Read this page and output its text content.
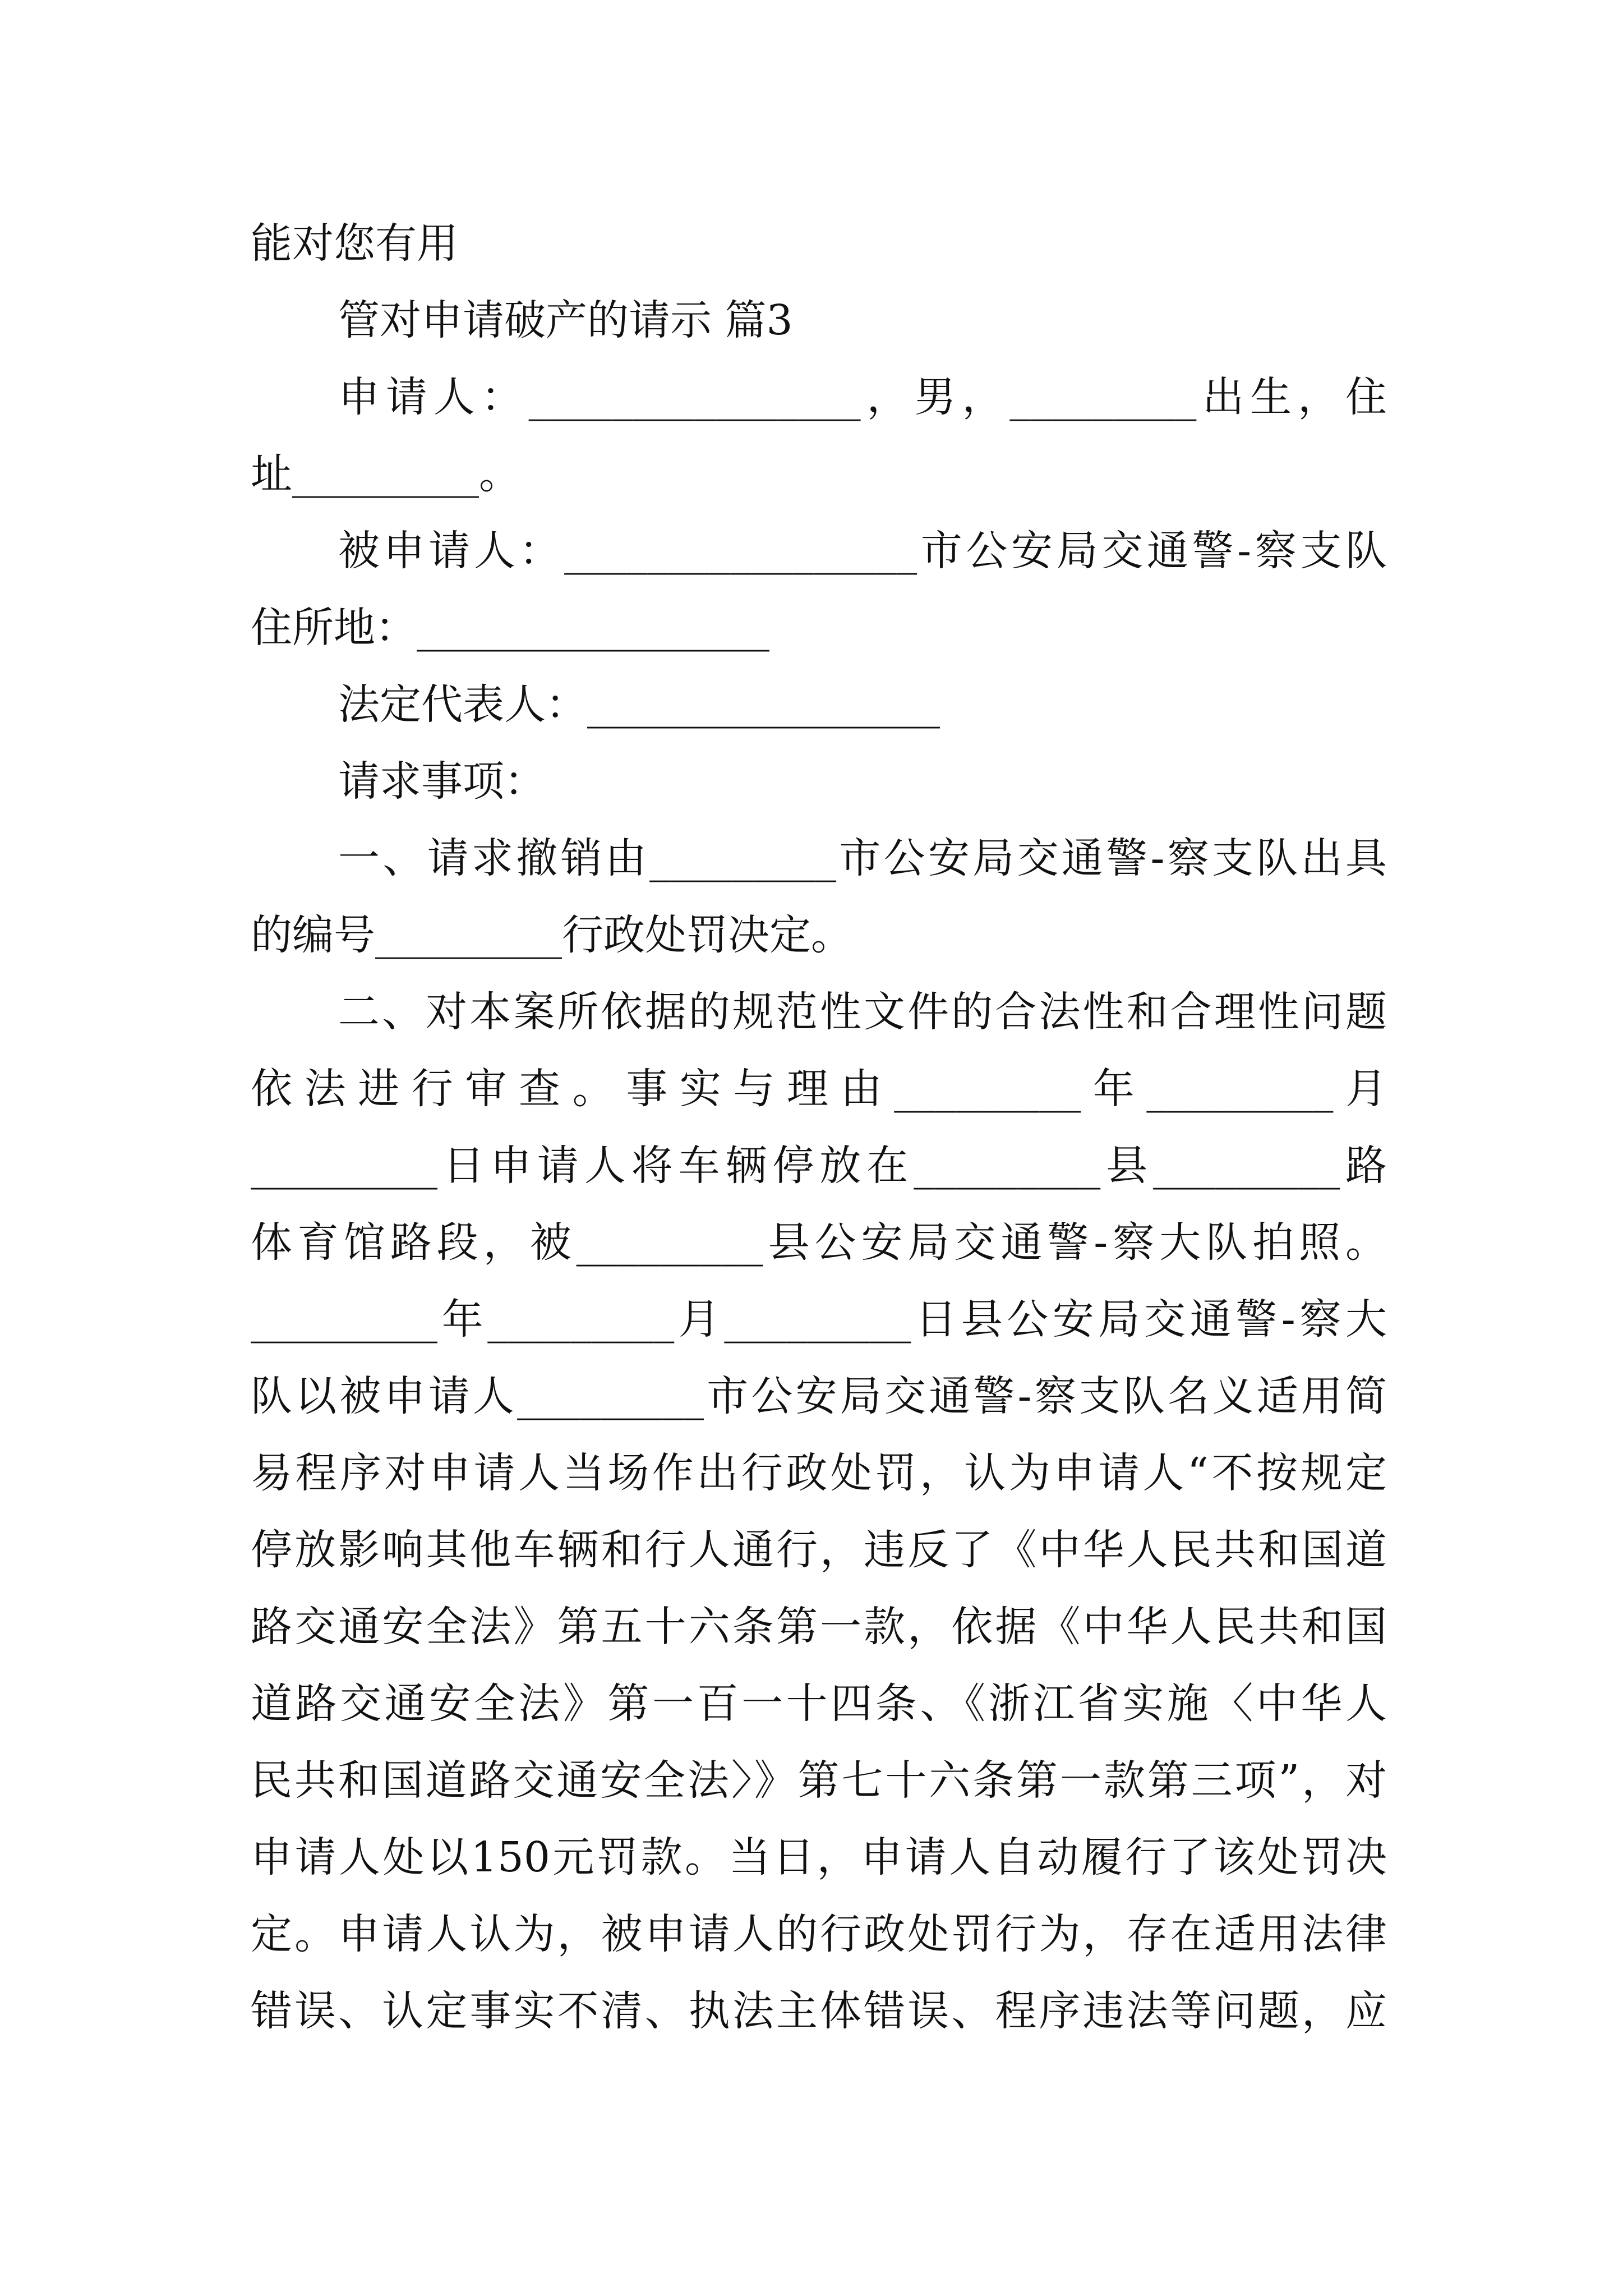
能对您有用
管对申请破产的请示 篇3
申请人：________________，男，_________出生，住
址_________。
被申请人：_________________市公安局交通警-察支队
住所地：_________________
法定代表人：_________________
请求事项：
一、请求撤销由_________市公安局交通警-察支队出具
的编号_________行政处罚决定。
二、对本案所依据的规范性文件的合法性和合理性问题
依法进行审查。事实与理由_________年_________月
_________日申请人将车辆停放在_________县_________路
体育馆路段，被_________县公安局交通警-察大队拍照。
_________年_________月_________日县公安局交通警-察大
队以被申请人_________市公安局交通警-察支队名义适用简
易程序对申请人当场作出行政处罚，认为申请人“不按规定
停放影响其他车辆和行人通行，违反了《中华人民共和国道
路交通安全法》第五十六条第一款，依据《中华人民共和国
道路交通安全法》第一百一十四条、《浙江省实施〈中华人
民共和国道路交通安全法〉》第七十六条第一款第三项”，对
申请人处以150元罚款。当日，申请人自动履行了该处罚决
定。申请人认为，被申请人的行政处罚行为，存在适用法律
错误、认定事实不清、执法主体错误、程序违法等问题，应
